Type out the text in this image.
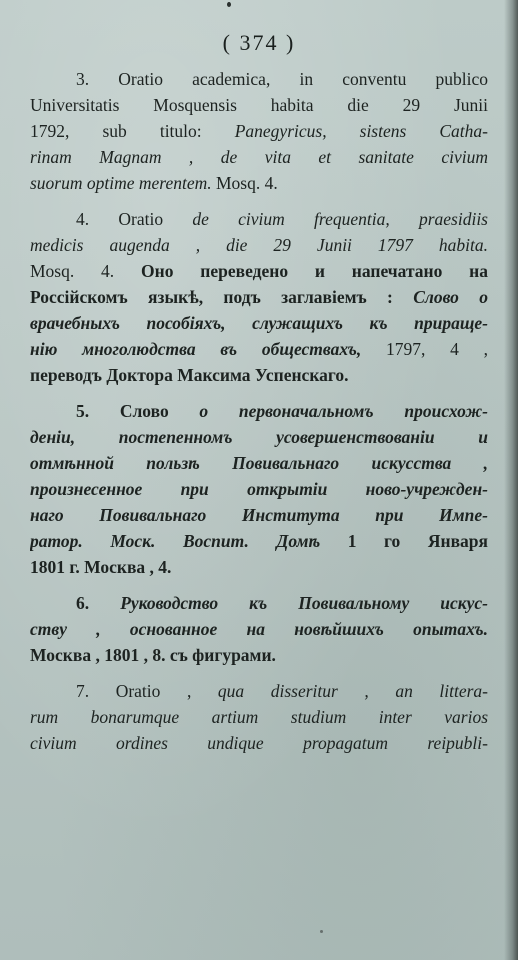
( 374 )
3. Oratio academica, in conventu publico
Universitatis Mosquensis habita die 29 Junii
1792, sub titulo: Panegyricus, sistens Catha-
rinam Magnam , de vita et sanitate civium
suorum optime merentem. Mosq. 4.
4. Oratio de civium frequentia, praesidiis
medicis augenda , die 29 Junii 1797 habita.
Mosq. 4. Оно переведено и напечатано на
Россійскомъ языкѣ, подъ заглавіемъ : Слово о
врачебныхъ пособіяхъ, служащихъ къ прираще-
нію многолюдства въ обществахъ, 1797, 4 ,
переводъ Доктора Максима Успенскаго.
5. Слово о первоначальномъ происхож-
деніи, постепенномъ усовершенствованіи и
отмѣнной пользѣ Повивальнаго искусства ,
произнесенное при открытіи ново-учрежден-
наго Повивальнаго Института при Импе-
ратор. Моск. Воспит. Домѣ 1 го Января
1801 г. Москва , 4.
6. Руководство къ Повивальному искус-
ству , основанное на новѣйшихъ опытахъ.
Москва , 1801 , 8. съ фигурами.
7. Oratio , qua disseritur , an littera-
rum bonarumque artium studium inter varios
civium ordines undique propagatum reipubli-
